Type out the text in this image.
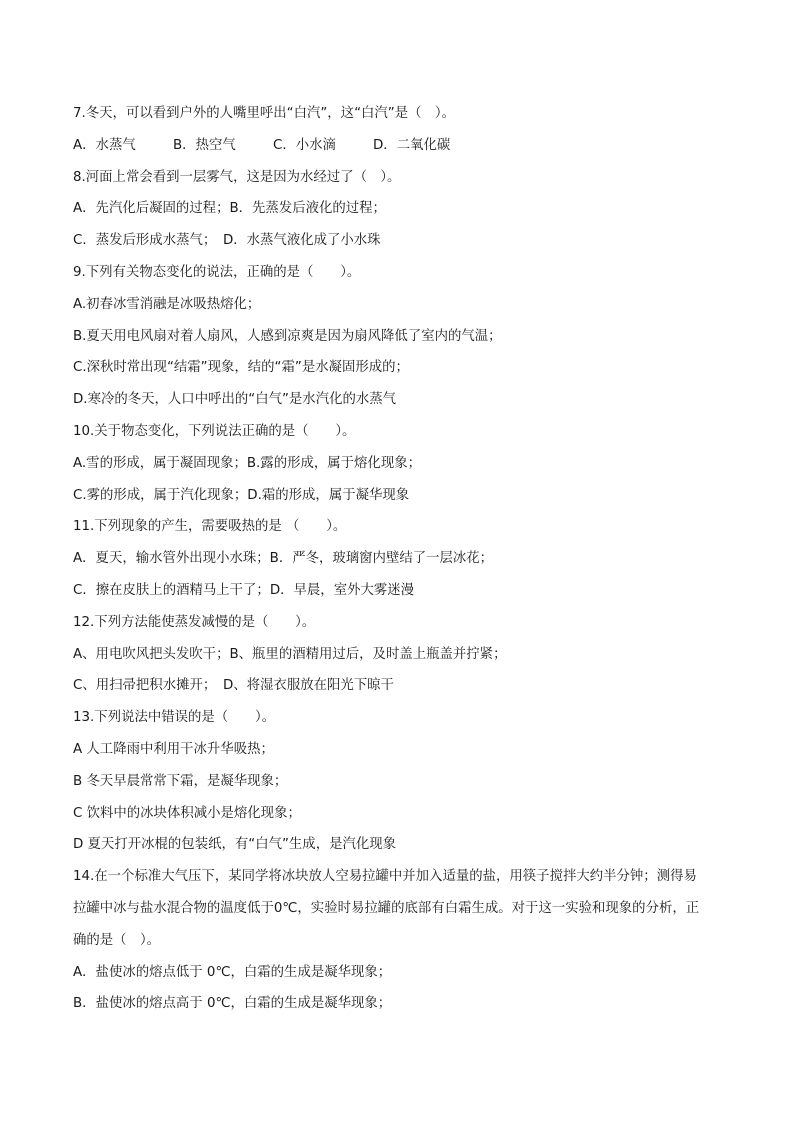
7.冬天，可以看到户外的人嘴里呼出“白汽”，这“白汽”是（　）。
A．水蒸气	B．热空气	C．小水滴	D．二氧化碳
8.河面上常会看到一层雾气，这是因为水经过了（　）。
A．先汽化后凝固的过程；B．先蒸发后液化的过程；
C．蒸发后形成水蒸气；　D．水蒸气液化成了小水珠
9.下列有关物态变化的说法，正确的是（　　）。
A.初春冰雪消融是冰吸热熔化；
B.夏天用电风扇对着人扇风，人感到凉爽是因为扇风降低了室内的气温；
C.深秋时常出现“结霜”现象，结的“霜”是水凝固形成的；
D.寒冷的冬天，人口中呼出的“白气”是水汽化的水蒸气
10.关于物态变化，下列说法正确的是（　　）。
A.雪的形成，属于凝固现象；B.露的形成，属于熔化现象；
C.雾的形成，属于汽化现象；D.霜的形成，属于凝华现象
11.下列现象的产生，需要吸热的是 （　　）。
A．夏天，输水管外出现小水珠；B．严冬，玻璃窗内壁结了一层冰花；
C．擦在皮肤上的酒精马上干了；D．早晨，室外大雾迷漫
12.下列方法能使蒸发减慢的是（　　）。
A、用电吹风把头发吹干；B、瓶里的酒精用过后，及时盖上瓶盖并拧紧；
C、用扫帚把积水摊开；　D、将湿衣服放在阳光下晾干
13.下列说法中错误的是（　　）。
A 人工降雨中利用干冰升华吸热；
B 冬天早晨常常下霜，是凝华现象；
C 饮料中的冰块体积减小是熔化现象；
D 夏天打开冰棍的包装纸，有“白气”生成，是汽化现象
14.在一个标准大气压下，某同学将冰块放人空易拉罐中并加入适量的盐，用筷子搅拌大约半分钟；测得易
拉罐中冰与盐水混合物的温度低于0℃，实验时易拉罐的底部有白霜生成。对于这一实验和现象的分析，正
确的是（　）。
A．盐使冰的熔点低于 0℃，白霜的生成是凝华现象；
B．盐使冰的熔点高于 0℃，白霜的生成是凝华现象；
